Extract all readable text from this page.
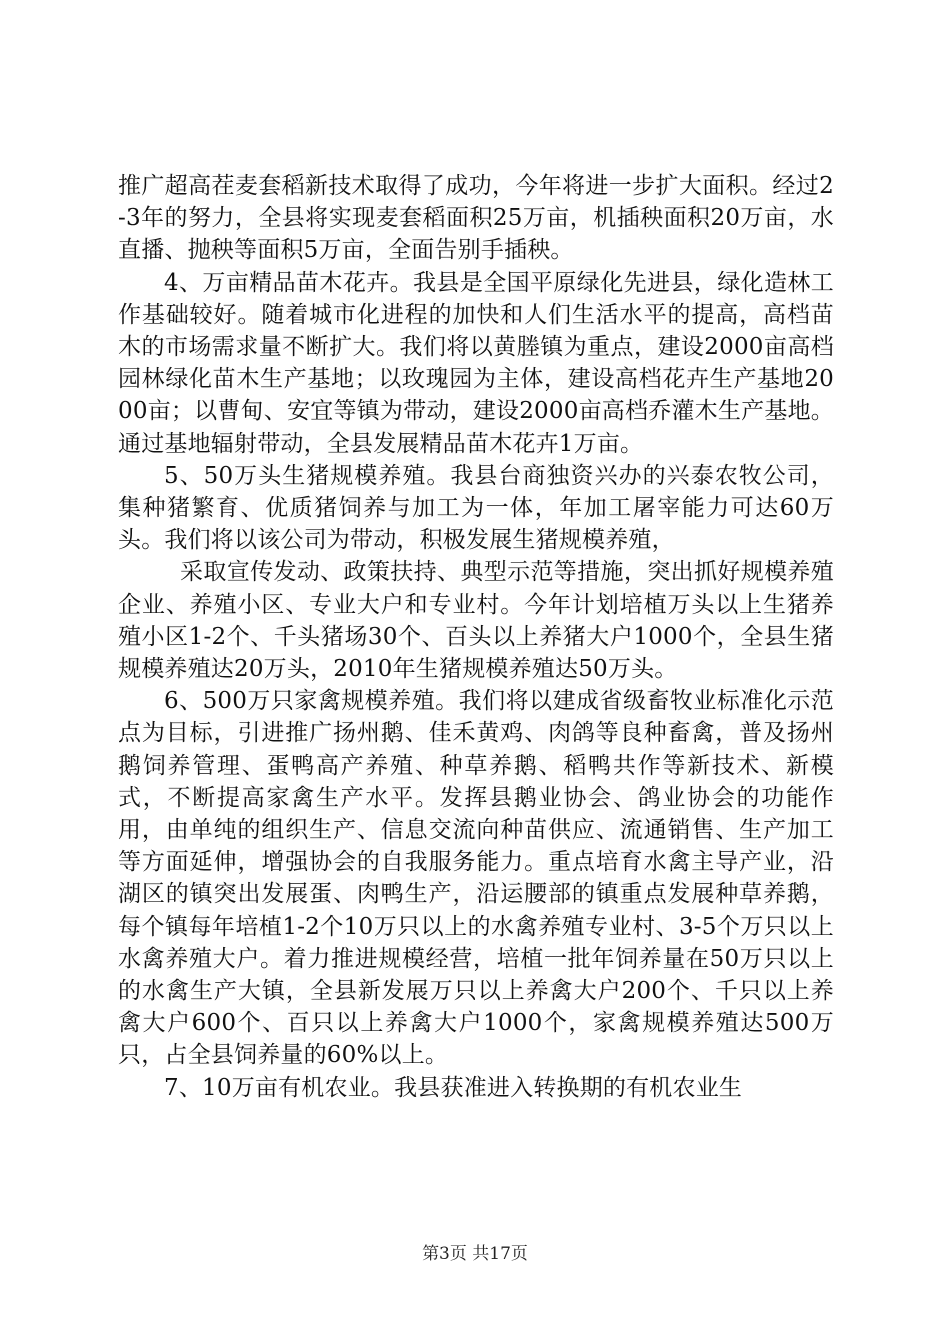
推广超高茬麦套稻新技术取得了成功，今年将进一步扩大面积。经过2-3年的努力，全县将实现麦套稻面积25万亩，机插秧面积20万亩，水直播、抛秧等面积5万亩，全面告别手插秧。

4、万亩精品苗木花卉。我县是全国平原绿化先进县，绿化造林工作基础较好。随着城市化进程的加快和人们生活水平的提高，高档苗木的市场需求量不断扩大。我们将以黄塍镇为重点，建设2000亩高档园林绿化苗木生产基地；以玫瑰园为主体，建设高档花卉生产基地2000亩；以曹甸、安宜等镇为带动，建设2000亩高档乔灌木生产基地。通过基地辐射带动，全县发展精品苗木花卉1万亩。

5、50万头生猪规模养殖。我县台商独资兴办的兴泰农牧公司，集种猪繁育、优质猪饲养与加工为一体，年加工屠宰能力可达60万头。我们将以该公司为带动，积极发展生猪规模养殖，

采取宣传发动、政策扶持、典型示范等措施，突出抓好规模养殖企业、养殖小区、专业大户和专业村。今年计划培植万头以上生猪养殖小区1-2个、千头猪场30个、百头以上养猪大户1000个，全县生猪规模养殖达20万头，2010年生猪规模养殖达50万头。

6、500万只家禽规模养殖。我们将以建成省级畜牧业标准化示范点为目标，引进推广扬州鹅、佳禾黄鸡、肉鸽等良种畜禽，普及扬州鹅饲养管理、蛋鸭高产养殖、种草养鹅、稻鸭共作等新技术、新模式，不断提高家禽生产水平。发挥县鹅业协会、鸽业协会的功能作用，由单纯的组织生产、信息交流向种苗供应、流通销售、生产加工等方面延伸，增强协会的自我服务能力。重点培育水禽主导产业，沿湖区的镇突出发展蛋、肉鸭生产，沿运腰部的镇重点发展种草养鹅，每个镇每年培植1-2个10万只以上的水禽养殖专业村、3-5个万只以上水禽养殖大户。着力推进规模经营，培植一批年饲养量在50万只以上的水禽生产大镇，全县新发展万只以上养禽大户200个、千只以上养禽大户600个、百只以上养禽大户1000个，家禽规模养殖达500万只，占全县饲养量的60%以上。

7、10万亩有机农业。我县获准进入转换期的有机农业生

第3页 共17页
